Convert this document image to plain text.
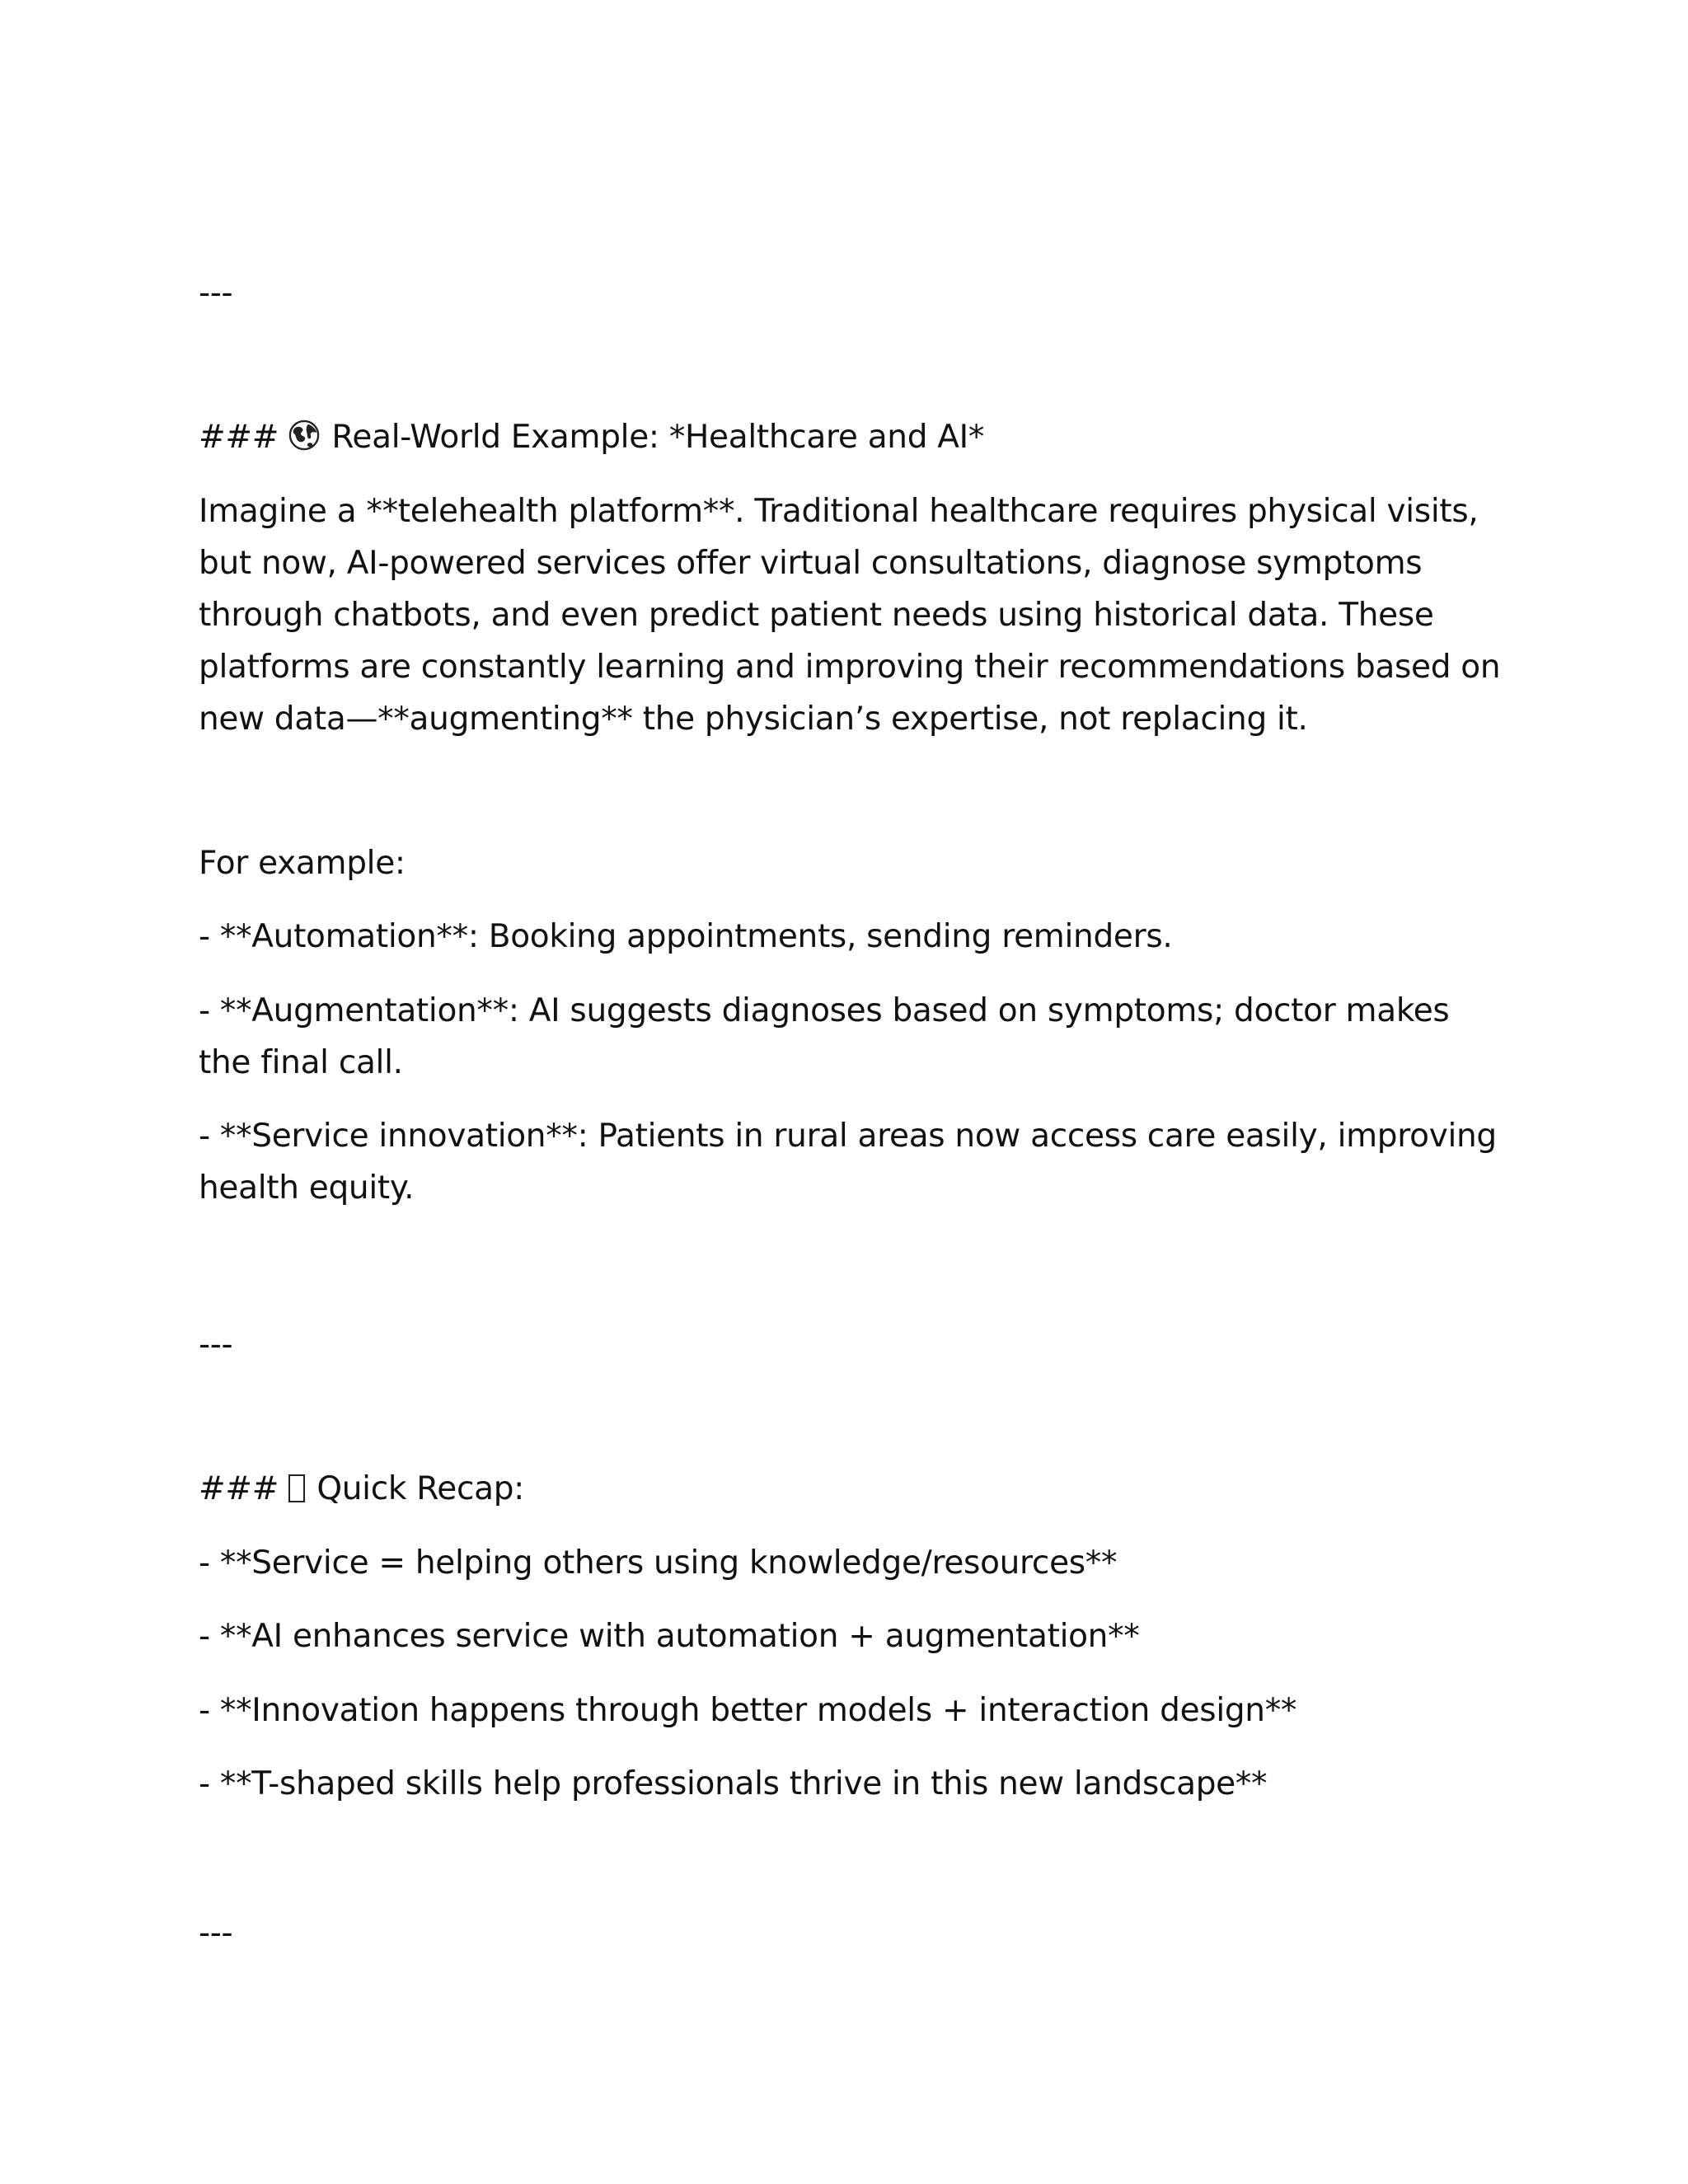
---
### Real-World Example: *Healthcare and AI*
Imagine a **telehealth platform**. Traditional healthcare requires physical visits,
but now, AI-powered services offer virtual consultations, diagnose symptoms
through chatbots, and even predict patient needs using historical data. These
platforms are constantly learning and improving their recommendations based on
new data—**augmenting** the physician’s expertise, not replacing it.
For example:
- **Automation**: Booking appointments, sending reminders.
- **Augmentation**: AI suggests diagnoses based on symptoms; doctor makes
the final call.
- **Service innovation**: Patients in rural areas now access care easily, improving
health equity.
---
### Quick Recap:
- **Service = helping others using knowledge/resources**
- **AI enhances service with automation + augmentation**
- **Innovation happens through better models + interaction design**
- **T-shaped skills help professionals thrive in this new landscape**
---
